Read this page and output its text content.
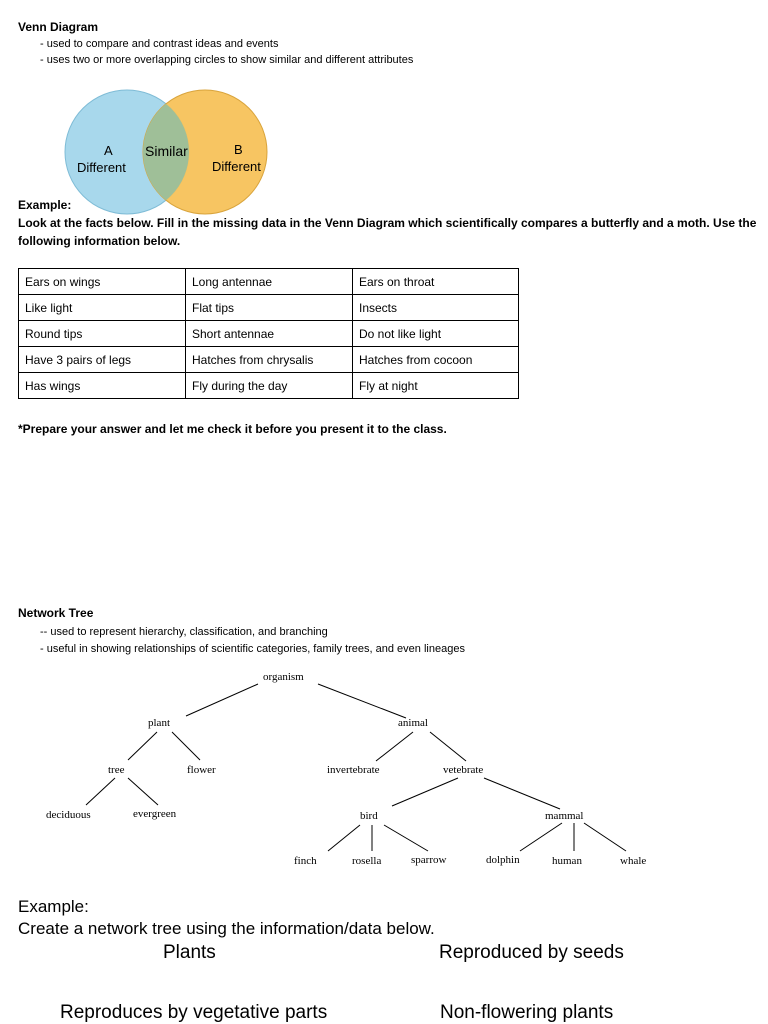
Venn Diagram
- used to compare and contrast ideas and events
- uses two or more overlapping circles to show similar and different attributes
A
Different
Similar	B
Different
Example:
Look at the facts below. Fill in the missing data in the Venn Diagram which scientifically compares a butterfly and a moth. Use the
following information below.
Ears on wings	Long antennae	Ears on throat
Like light	Flat tips	Insects
Round tips	Short antennae	Do not like light
Have 3 pairs of legs	Hatches from chrysalis	Hatches from cocoon
Has wings	Fly during the day	Fly at night
*Prepare your answer and let me check it before you present it to the class.
Network Tree
-- used to represent hierarchy, classification, and branching
- useful in showing relationships of scientific categories, family trees, and even lineages
organism
plant	animal
tree	flower
deciduous	evergreen
invertebrate	vetebrate
bird	mammal
finch	rosella	sparrow	dolphin	human	whale
Example:
Create a network tree using the information/data below.
Plants	Reproduced by seeds
Reproduces by vegetative parts	Non-flowering plants
